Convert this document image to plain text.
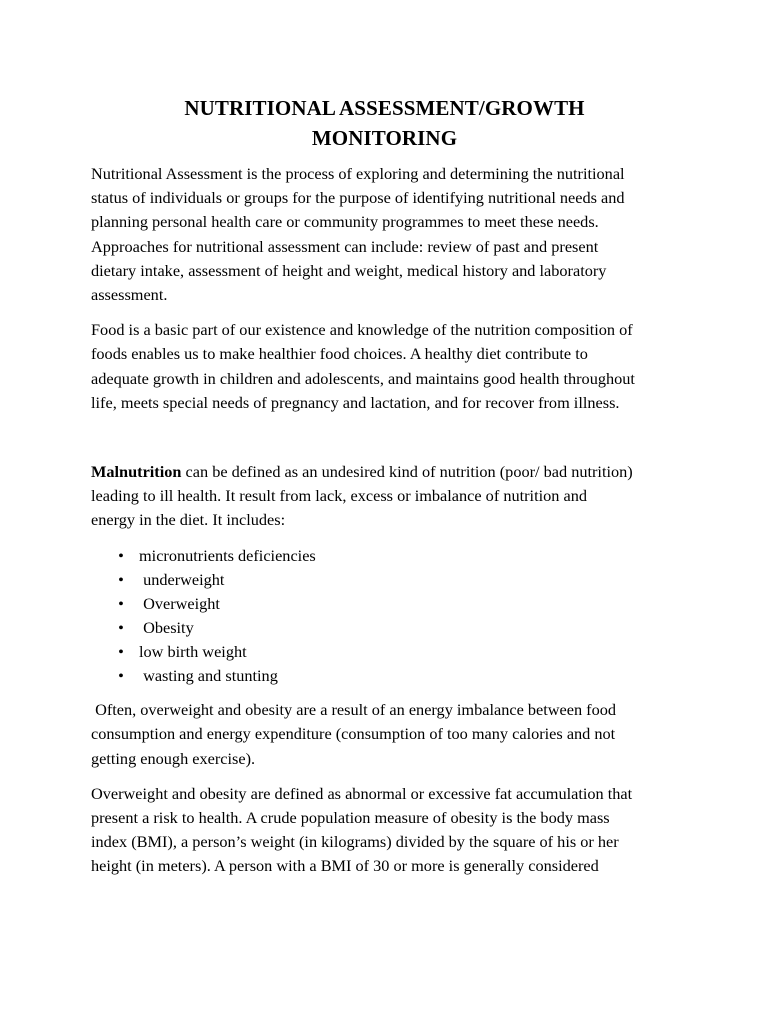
NUTRITIONAL ASSESSMENT/GROWTH
MONITORING

Nutritional Assessment is the process of exploring and determining the nutritional
status of individuals or groups for the purpose of identifying nutritional needs and
planning personal health care or community programmes to meet these needs.
Approaches for nutritional assessment can include: review of past and present
dietary intake, assessment of height and weight, medical history and laboratory
assessment.

Food is a basic part of our existence and knowledge of the nutrition composition of
foods enables us to make healthier food choices. A healthy diet contribute to
adequate growth in children and adolescents, and maintains good health throughout
life, meets special needs of pregnancy and lactation, and for recover from illness.

Malnutrition can be defined as an undesired kind of nutrition (poor/ bad nutrition)
leading to ill health. It result from lack, excess or imbalance of nutrition and
energy in the diet. It includes:

• micronutrients deficiencies
• underweight
• Overweight
• Obesity
• low birth weight
• wasting and stunting

Often, overweight and obesity are a result of an energy imbalance between food
consumption and energy expenditure (consumption of too many calories and not
getting enough exercise).

Overweight and obesity are defined as abnormal or excessive fat accumulation that
present a risk to health. A crude population measure of obesity is the body mass
index (BMI), a person’s weight (in kilograms) divided by the square of his or her
height (in meters). A person with a BMI of 30 or more is generally considered
